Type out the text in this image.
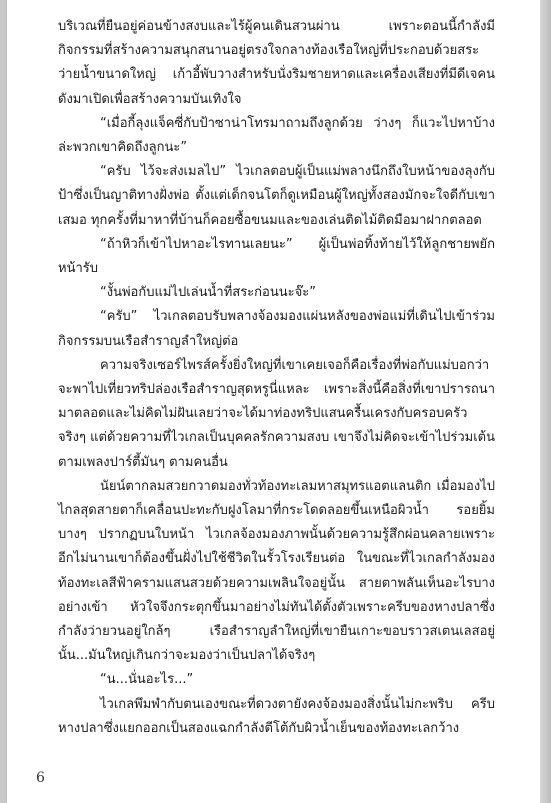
บริเวณที่ยืนอยู่ค่อนข้างสงบและไร้ผู้คนเดินสวนผ่าน เพราะตอนนี้กำลังมีกิจกรรมที่สร้างความสนุกสนานอยู่ตรงใจกลางท้องเรือใหญ่ที่ประกอบด้วยสระว่ายน้ำขนาดใหญ่ เก้าอี้พับวางสำหรับนั่งริมชายหาดและเครื่องเสียงที่มีดีเจคนดังมาเปิดเพื่อสร้างความบันเทิงใจ

“เมื่อกี้ลุงแจ็คซี่กับป้าซาน่าโทรมาถามถึงลูกด้วย ว่างๆ ก็แวะไปหาบ้างล่ะพวกเขาคิดถึงลูกนะ”

“ครับ ไว้จะส่งเมลไป” ไวเกลตอบผู้เป็นแม่พลางนึกถึงใบหน้าของลุงกับป้าซึ่งเป็นญาติทางฝั่งพ่อ ตั้งแต่เด็กจนโตก็ดูเหมือนผู้ใหญ่ทั้งสองมักจะใจดีกับเขาเสมอ ทุกครั้งที่มาหาที่บ้านก็คอยซื้อขนมและของเล่นติดไม้ติดมือมาฝากตลอด

“ถ้าหิวก็เข้าไปหาอะไรทานเลยนะ” ผู้เป็นพ่อทิ้งท้ายไว้ให้ลูกชายพยักหน้ารับ

“งั้นพ่อกับแม่ไปเล่นน้ำที่สระก่อนนะจ๊ะ”

“ครับ” ไวเกลตอบรับพลางจ้องมองแผ่นหลังของพ่อแม่ที่เดินไปเข้าร่วมกิจกรรมบนเรือสำราญลำใหญ่ต่อ

ความจริงเซอร์ไพรส์ครั้งยิ่งใหญ่ที่เขาเคยเจอก็คือเรื่องที่พ่อกับแม่บอกว่าจะพาไปเที่ยวทริปล่องเรือสำราญสุดหรูนี่แหละ เพราะสิ่งนี้คือสิ่งที่เขาปรารถนามาตลอดและไม่คิดไม่ฝันเลยว่าจะได้มาท่องทริปแสนครื้นเครงกับครอบครัวจริงๆ แต่ด้วยความที่ไวเกลเป็นบุคคลรักความสงบ เขาจึงไม่คิดจะเข้าไปร่วมเต้นตามเพลงปาร์ตี้มันๆ ตามคนอื่น

นัยน์ตากลมสวยกวาดมองทั่วท้องทะเลมหาสมุทรแอตแลนติก เมื่อมองไปไกลสุดสายตาก็เคลื่อนปะทะกับฝูงโลมาที่กระโดดลอยขึ้นเหนือผิวน้ำ รอยยิ้มบางๆ ปรากฏบนใบหน้า ไวเกลจ้องมองภาพนั้นด้วยความรู้สึกผ่อนคลายเพราะอีกไม่นานเขาก็ต้องขึ้นฝั่งไปใช้ชีวิตในรั้วโรงเรียนต่อ ในขณะที่ไวเกลกำลังมองท้องทะเลสีฟ้าครามแสนสวยด้วยความเพลินใจอยู่นั้น สายตาพลันเห็นอะไรบางอย่างเข้า หัวใจจึงกระตุกขึ้นมาอย่างไม่ทันได้ตั้งตัวเพราะครีบของหางปลาซึ่งกำลังว่ายวนอยู่ใกล้ๆ เรือสำราญลำใหญ่ที่เขายืนเกาะขอบราวสเตนเลสอยู่นั้น...มันใหญ่เกินกว่าจะมองว่าเป็นปลาได้จริงๆ

“น...นั่นอะไร...”

ไวเกลพึมพำกับตนเองขณะที่ดวงตายังคงจ้องมองสิ่งนั้นไม่กะพริบ ครีบหางปลาซึ่งแยกออกเป็นสองแฉกกำลังตีโต้กับผิวน้ำเย็นของท้องทะเลกว้าง

6
